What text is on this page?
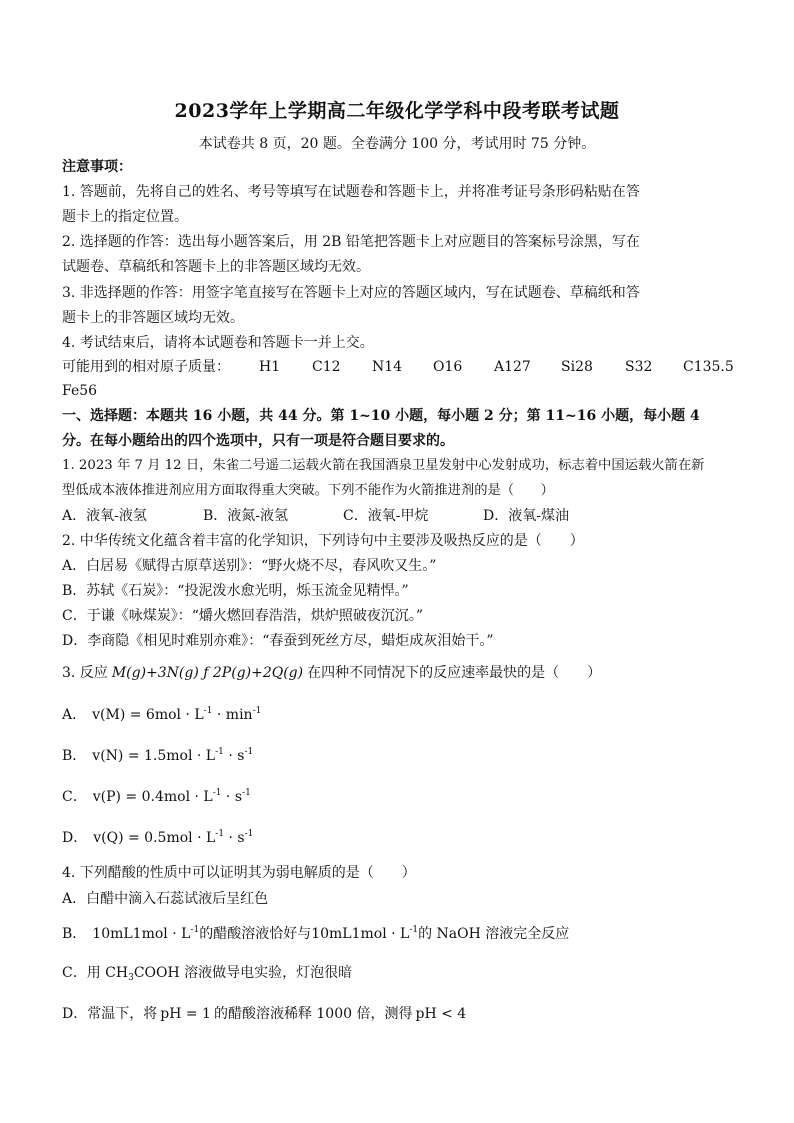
2023学年上学期高二年级化学学科中段考联考试题
本试卷共 8 页，20 题。全卷满分 100 分，考试用时 75 分钟。
注意事项：
1. 答题前，先将自己的姓名、考号等填写在试题卷和答题卡上，并将准考证号条形码粘贴在答
题卡上的指定位置。
2. 选择题的作答：选出每小题答案后，用 2B 铅笔把答题卡上对应题目的答案标号涂黑，写在
试题卷、草稿纸和答题卡上的非答题区域均无效。
3. 非选择题的作答：用签字笔直接写在答题卡上对应的答题区域内，写在试题卷、草稿纸和答
题卡上的非答题区域均无效。
4. 考试结束后，请将本试题卷和答题卡一并上交。
可能用到的相对原子质量： H1 C12 N14 O16 A127 Si28 S32 C135.5
Fe56
一、选择题：本题共 16 小题，共 44 分。第 1~10 小题，每小题 2 分；第 11~16 小题，每小题 4
分。在每小题给出的四个选项中，只有一项是符合题目要求的。
1. 2023 年 7 月 12 日，朱雀二号遥二运载火箭在我国酒泉卫星发射中心发射成功，标志着中国运载火箭在新
型低成本液体推进剂应用方面取得重大突破。下列不能作为火箭推进剂的是（　　）
A．液氧-液氢	B．液氮-液氢	C．液氧-甲烷	D．液氧-煤油
2. 中华传统文化蕴含着丰富的化学知识，下列诗句中主要涉及吸热反应的是（　　）
A．白居易《赋得古原草送别》：“野火烧不尽，春风吹又生。”
B．苏轼《石炭》：“投泥泼水愈光明，烁玉流金见精悍。”
C．于谦《咏煤炭》：“爝火燃回春浩浩，烘炉照破夜沉沉。”
D．李商隐《相见时难别亦难》：“春蚕到死丝方尽，蜡炬成灰泪始干。”
3. 反应 M(g)+3N(g) ƒ 2P(g)+2Q(g) 在四种不同情况下的反应速率最快的是（　　）
A． $v(M) = 6mol \cdot L^{-1} \cdot \min^{-1}$
B． $v(N) = 1.5mol \cdot L^{-1} \cdot s^{-1}$
C． $v(P) = 0.4mol \cdot L^{-1} \cdot s^{-1}$
D． $v(Q) = 0.5mol \cdot L^{-1} \cdot s^{-1}$
4. 下列醋酸的性质中可以证明其为弱电解质的是（　　）
A．白醋中滴入石蕊试液后呈红色
B． $10mL1mol \cdot L^{-1}$的醋酸溶液恰好与$10mL1mol \cdot L^{-1}$的 NaOH 溶液完全反应
C．用 $CH_3COOH$ 溶液做导电实验，灯泡很暗
D．常温下，将 pH = 1 的醋酸溶液稀释 1000 倍，测得 pH < 4
